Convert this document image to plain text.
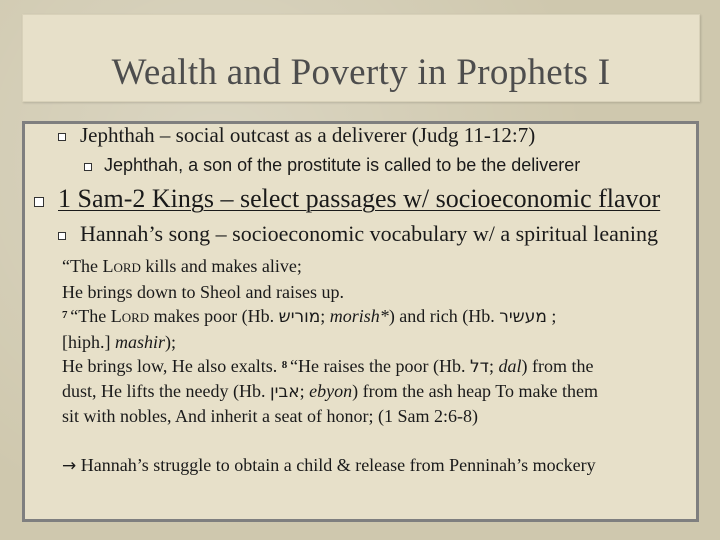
Wealth and Poverty in Prophets I
Jephthah – social outcast as a deliverer (Judg 11-12:7)
Jephthah, a son of the prostitute is called to be the deliverer
1 Sam-2 Kings – select passages w/ socioeconomic flavor
Hannah’s song – socioeconomic vocabulary w/ a spiritual leaning

“The LORD kills and makes alive;

He brings down to Sheol and raises up.

$^7$ “The LORD makes poor (Hb. מוריש; morish*) and rich (Hb. מעשיר ;

[hiph.] mashir);

He brings low, He also exalts. $^8$ “He raises the poor (Hb. דל; dal) from the

dust, He lifts the needy (Hb. אבין; ebyon) from the ash heap To make them

sit with nobles, And inherit a seat of honor; (1 Sam 2:6-8)

→ Hannah’s struggle to obtain a child & release from Penninah’s mockery
